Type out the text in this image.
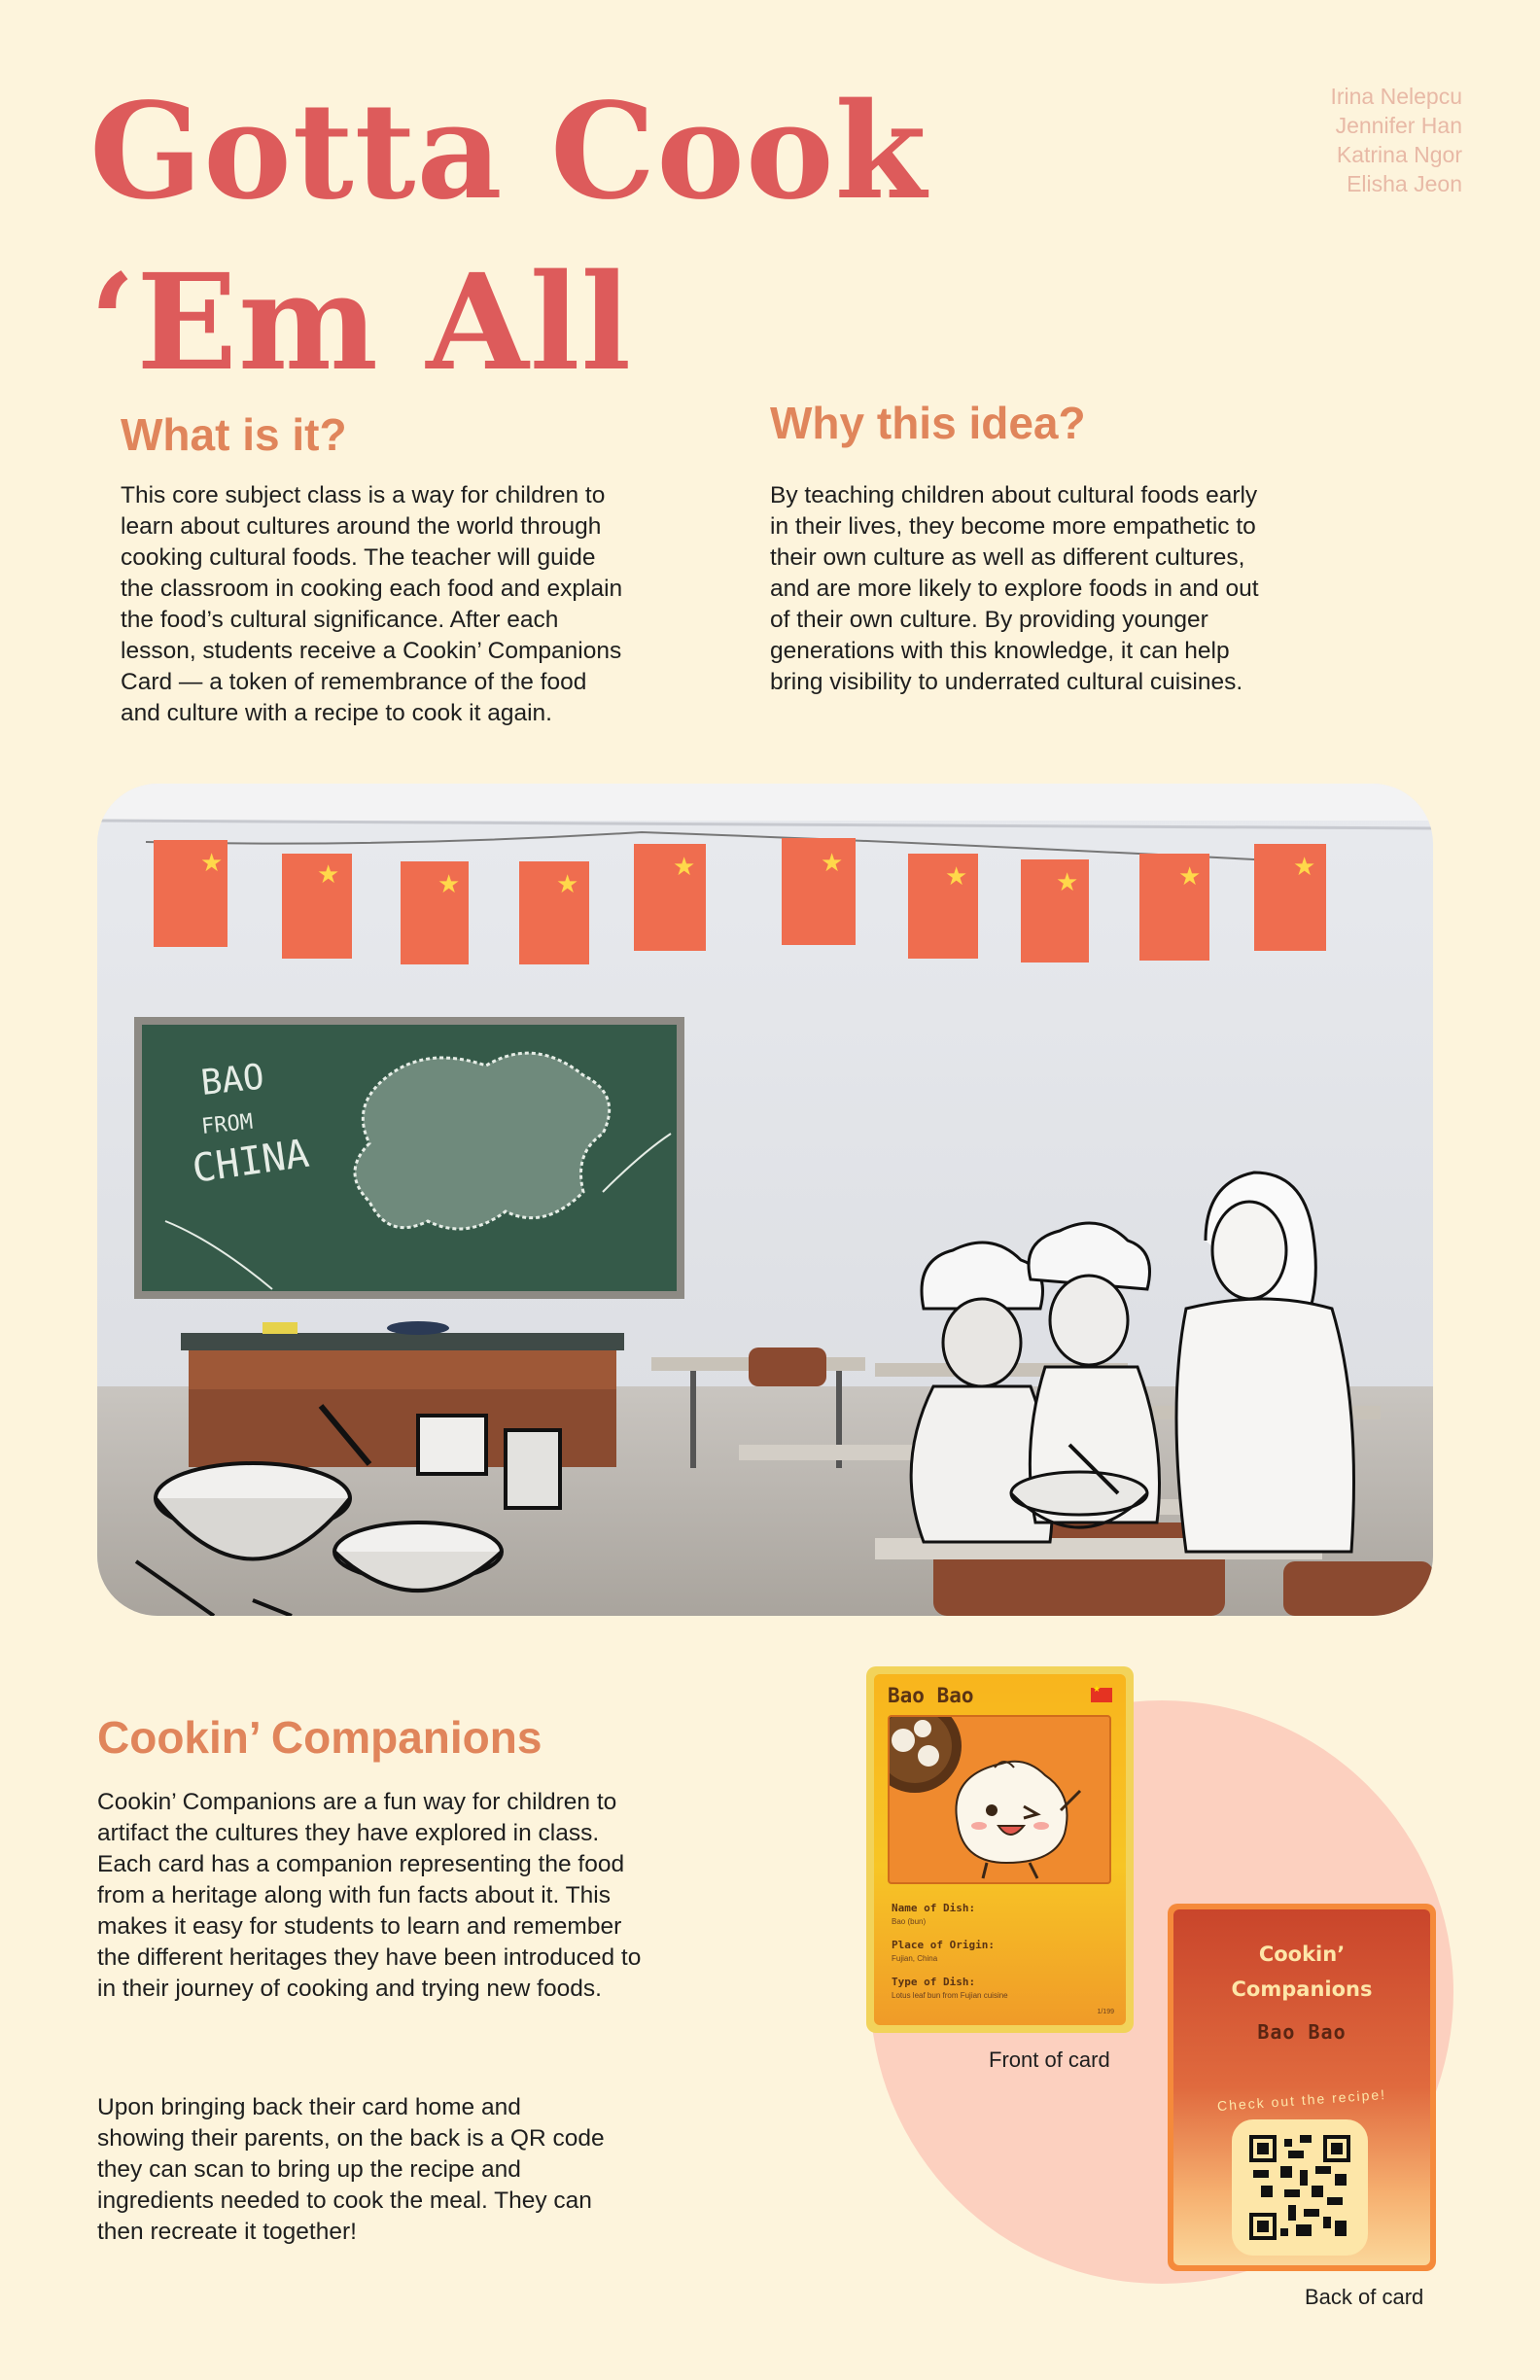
Gotta Cook
‘Em All
Irina Nelepcu
Jennifer Han
Katrina Ngor
Elisha Jeon
What is it?
This core subject class is a way for children to
learn about cultures around the world through
cooking cultural foods. The teacher will guide
the classroom in cooking each food and explain
the food’s cultural significance. After each
lesson, students receive a Cookin’ Companions
Card — a token of remembrance of the food
and culture with a recipe to cook it again.
Why this idea?
By teaching children about cultural foods early
in their lives, they become more empathetic to
their own culture as well as different cultures,
and are more likely to explore foods in and out
of their own culture. By providing younger
generations with this knowledge, it can help
bring visibility to underrated cultural cuisines.
★	★	★	★
★	★	★	★	★	★
BAO
FROM
CHINA
Cookin’ Companions
Cookin’ Companions are a fun way for children to
artifact the cultures they have explored in class.
Each card has a companion representing the food
from a heritage along with fun facts about it. This
makes it easy for students to learn and remember
the different heritages they have been introduced to
in their journey of cooking and trying new foods.
Upon bringing back their card home and
showing their parents, on the back is a QR code
they can scan to bring up the recipe and
ingredients needed to cook the meal. They can
then recreate it together!
Bao Bao
★
Name of Dish:
Bao (bun)
Place of Origin:
Fujian, China
Type of Dish:
Lotus leaf bun from Fujian cuisine
1/199
Front of card
Cookin’
Companions
Bao Bao
Check out the recipe!
Back of card
